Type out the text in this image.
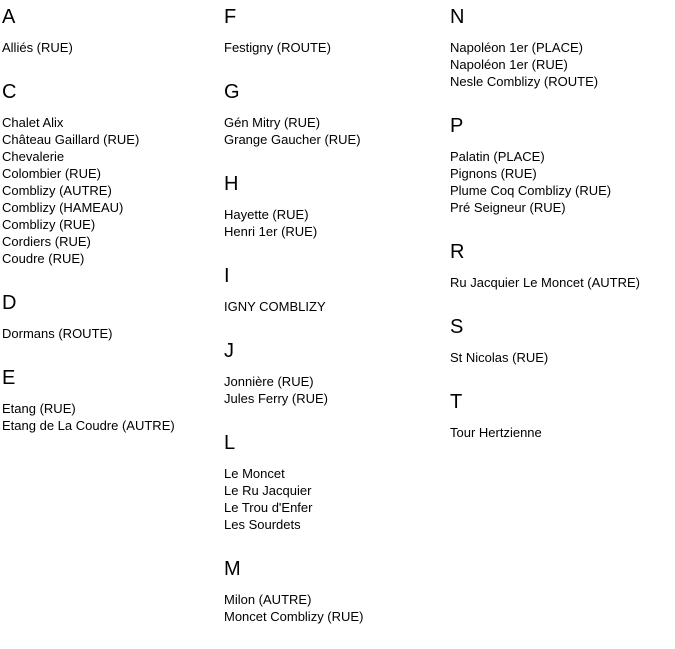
A
Alliés (RUE)
C
Chalet Alix
Château Gaillard (RUE)
Chevalerie
Colombier (RUE)
Comblizy (AUTRE)
Comblizy (HAMEAU)
Comblizy (RUE)
Cordiers (RUE)
Coudre (RUE)
D
Dormans (ROUTE)
E
Etang (RUE)
Etang de La Coudre (AUTRE)
F
Festigny (ROUTE)
G
Gén Mitry (RUE)
Grange Gaucher (RUE)
H
Hayette (RUE)
Henri 1er (RUE)
I
IGNY COMBLIZY
J
Jonnière (RUE)
Jules Ferry (RUE)
L
Le Moncet
Le Ru Jacquier
Le Trou d'Enfer
Les Sourdets
M
Milon (AUTRE)
Moncet Comblizy (RUE)
N
Napoléon 1er (PLACE)
Napoléon 1er (RUE)
Nesle Comblizy (ROUTE)
P
Palatin (PLACE)
Pignons (RUE)
Plume Coq Comblizy (RUE)
Pré Seigneur (RUE)
R
Ru Jacquier Le Moncet (AUTRE)
S
St Nicolas (RUE)
T
Tour Hertzienne
